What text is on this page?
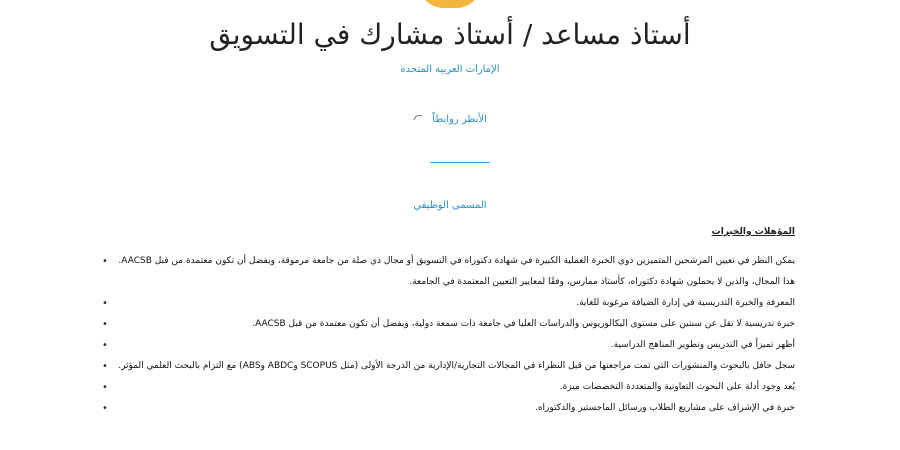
أستاذ مساعد / أستاذ مشارك في التسويق
الإمارات العربية المتحدة
الأنظر روابطاً
المسمى الوظيفي
المؤهلات والخبرات
• يمكن النظر في تعيين المرشحين المتميزين ذوي الخبرة العملية الكبيرة في شهادة دكتوراه في التسويق أو مجال ذي صلة من جامعة مرموقة، ويفضل أن تكون معتمدة من قبل AACSB.
هذا المجال، والذين لا يحملون شهادة دكتوراه، كأستاذ ممارس، وفقًا لمعايير التعيين المعتمدة في الجامعة.
•	المعرفة والخبرة التدريسية في إدارة الضيافة مرغوبة للغاية.
•	خبرة تدريسية لا تقل عن سنتين على مستوى البكالوريوس والدراسات العليا في جامعة ذات سمعة دولية، ويفضل أن تكون معتمدة من قبل AACSB.
•	أظهر تميزاً في التدريس وتطوير المناهج الدراسية.
• سجل حافل بالبحوث والمنشورات التي تمت مراجعتها من قبل النظراء في المجالات التجارية/الإدارية من الدرجة الأولى (مثل SCOPUS وABDC وABS) مع التزام بالبحث العلمي المؤثر.
•	يُعد وجود أدلة على البحوث التعاونية والمتعددة التخصصات ميزة.
•	خبرة في الإشراف على مشاريع الطلاب ورسائل الماجستير والدكتوراه.
